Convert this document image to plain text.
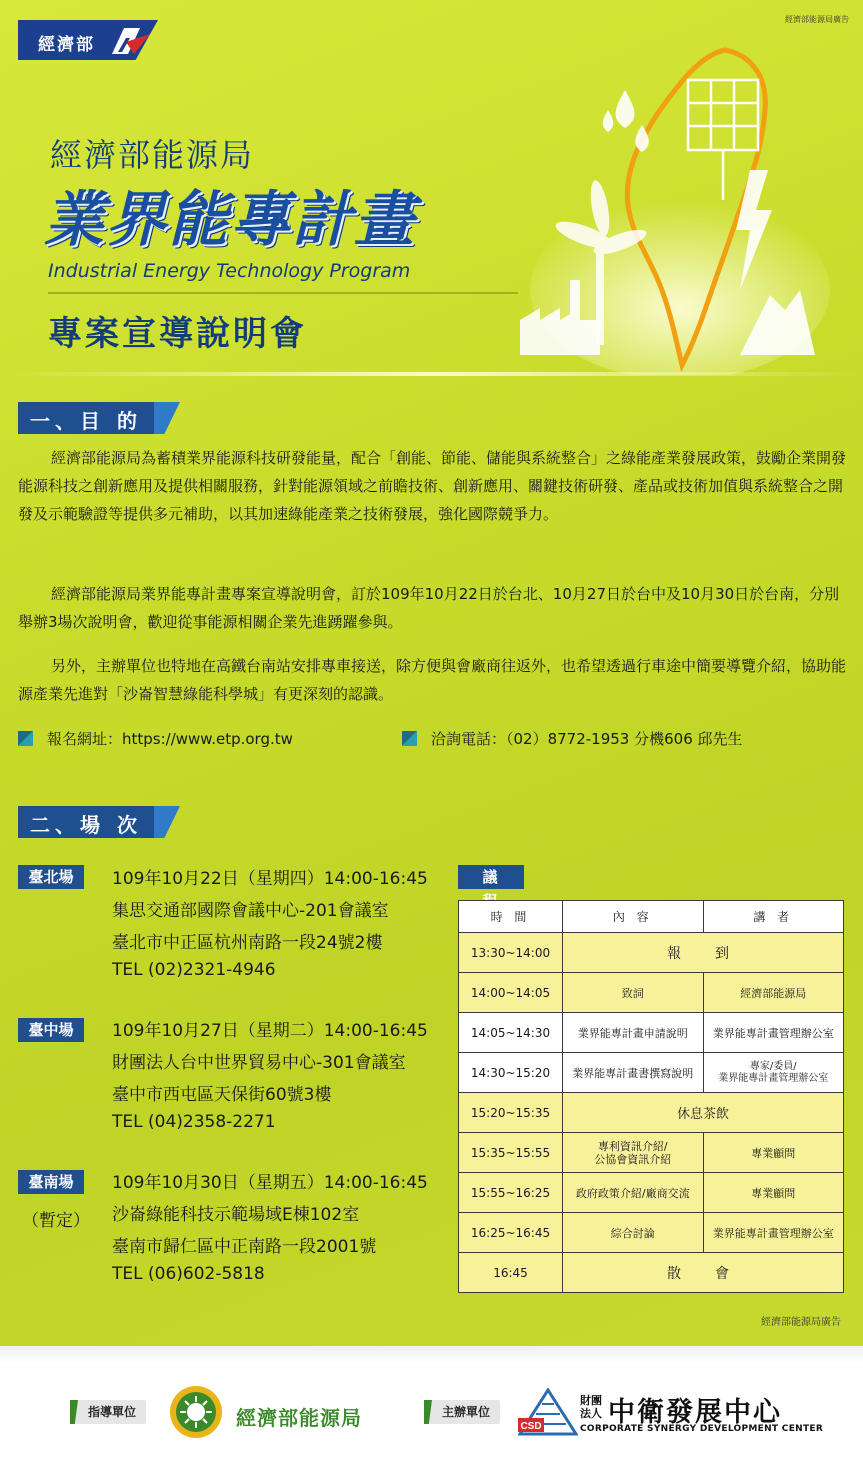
經濟部
經濟部能源局廣告
經濟部能源局
業界能專計畫
Industrial Energy Technology Program
專案宣導說明會
一、目 的
經濟部能源局為蓄積業界能源科技研發能量，配合「創能、節能、儲能與系統整合」之綠能產業發展政策，鼓勵企業開發能源科技之創新應用及提供相關服務，針對能源領域之前瞻技術、創新應用、關鍵技術研發、產品或技術加值與系統整合之開發及示範驗證等提供多元補助，以其加速綠能產業之技術發展，強化國際競爭力。
經濟部能源局業界能專計畫專案宣導說明會，訂於109年10月22日於台北、10月27日於台中及10月30日於台南，分別舉辦3場次說明會，歡迎從事能源相關企業先進踴躍參與。
另外，主辦單位也特地在高鐵台南站安排專車接送，除方便與會廠商往返外，也希望透過行車途中簡要導覽介紹，協助能源產業先進對「沙崙智慧綠能科學城」有更深刻的認識。
報名網址：https://www.etp.org.tw	洽詢電話：（02）8772-1953 分機606 邱先生
二、場 次
臺北場	109年10月22日（星期四）14:00-16:45
集思交通部國際會議中心-201會議室
臺北市中正區杭州南路一段24號2樓
TEL (02)2321-4946
臺中場	109年10月27日（星期二）14:00-16:45
財團法人台中世界貿易中心-301會議室
臺中市西屯區天保街60號3樓
TEL (04)2358-2271
臺南場
（暫定）
109年10月30日（星期五）14:00-16:45
沙崙綠能科技示範場域E棟102室
臺南市歸仁區中正南路一段2001號
TEL (06)602-5818
議
時 間	內 容	講 者
13:30~14:00	報　到	
14:00~14:05	致詞	經濟部能源局
14:05~14:30	業界能專計畫申請說明	業界能專計畫管理辦公室
14:30~15:20	業界能專計畫書撰寫說明	專家/委員/
業界能專計畫管理辦公室
15:20~15:35	休息茶飲	
15:35~15:55	專利資訊介紹/
公協會資訊介紹	專業顧問
15:55~16:25	政府政策介紹/廠商交流	專業顧問
16:25~16:45	綜合討論	業界能專計畫管理辦公室
16:45	散　會	
經濟部能源局廣告
指導單位	經濟部能源局	主辦單位
CSD
財團法人 中衛發展中心
CORPORATE SYNERGY DEVELOPMENT CENTER
